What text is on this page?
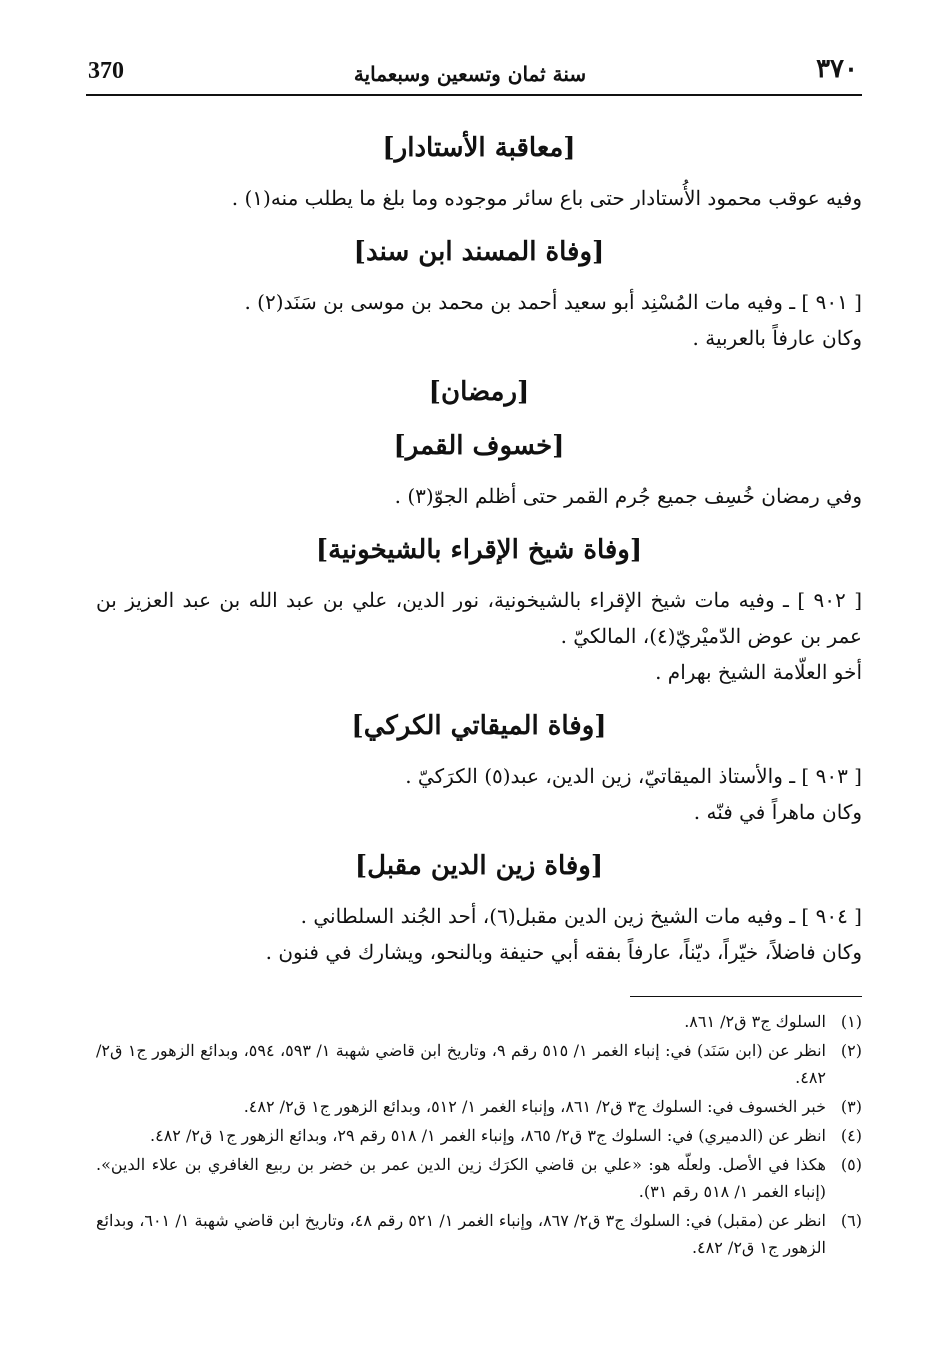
370	سنة ثمان وتسعين وسبعماية	٣٧٠
[معاقبة الأستادار]

وفيه عوقب محمود الأُستادار حتى باع سائر موجوده وما بلغ ما يطلب منه(١) .

[وفاة المسند ابن سند]

[ ٩٠١ ] ـ وفيه مات المُسْنِد أبو سعيد أحمد بن محمد بن موسى بن سَنَد(٢) .

وكان عارفاً بالعربية .

[رمضان]
[خسوف القمر]

وفي رمضان خُسِف جميع جُرم القمر حتى أظلم الجوّ(٣) .

[وفاة شيخ الإقراء بالشيخونية]

[ ٩٠٢ ] ـ وفيه مات شيخ الإقراء بالشيخونية، نور الدين، علي بن عبد الله بن عبد العزيز بن عمر بن عوض الدّميْريّ(٤)، المالكيّ .

أخو العلّامة الشيخ بهرام .

[وفاة الميقاتي الكركي]

[ ٩٠٣ ] ـ والأستاذ الميقاتيّ، زين الدين، عبد(٥) الكرَكيّ .

وكان ماهراً في فنّه .

[وفاة زين الدين مقبل]

[ ٩٠٤ ] ـ وفيه مات الشيخ زين الدين مقبل(٦)، أحد الجُند السلطاني .

وكان فاضلاً، خيّراً، ديّناً، عارفاً بفقه أبي حنيفة وبالنحو، ويشارك في فنون .

(١)
السلوك ج٣ ق٢/ ٨٦١.
(٢)
انظر عن (ابن سَنَد) في: إنباء الغمر ١/ ٥١٥ رقم ٩، وتاريخ ابن قاضي شهبة ١/ ٥٩٣، ٥٩٤، وبدائع الزهور ج١ ق٢/ ٤٨٢.
(٣)
خبر الخسوف في: السلوك ج٣ ق٢/ ٨٦١، وإنباء الغمر ١/ ٥١٢، وبدائع الزهور ج١ ق٢/ ٤٨٢.
(٤)
انظر عن (الدميري) في: السلوك ج٣ ق٢/ ٨٦٥، وإنباء الغمر ١/ ٥١٨ رقم ٢٩، وبدائع الزهور ج١ ق٢/ ٤٨٢.
(٥)
هكذا في الأصل. ولعلّه هو: «علي بن قاضي الكرَك زين الدين عمر بن خضر بن ربيع الغافري بن علاء الدين». (إنباء الغمر ١/ ٥١٨ رقم ٣١).
(٦)
انظر عن (مقبل) في: السلوك ج٣ ق٢/ ٨٦٧، وإنباء الغمر ١/ ٥٢١ رقم ٤٨، وتاريخ ابن قاضي شهبة ١/ ٦٠١، وبدائع الزهور ج١ ق٢/ ٤٨٢.
